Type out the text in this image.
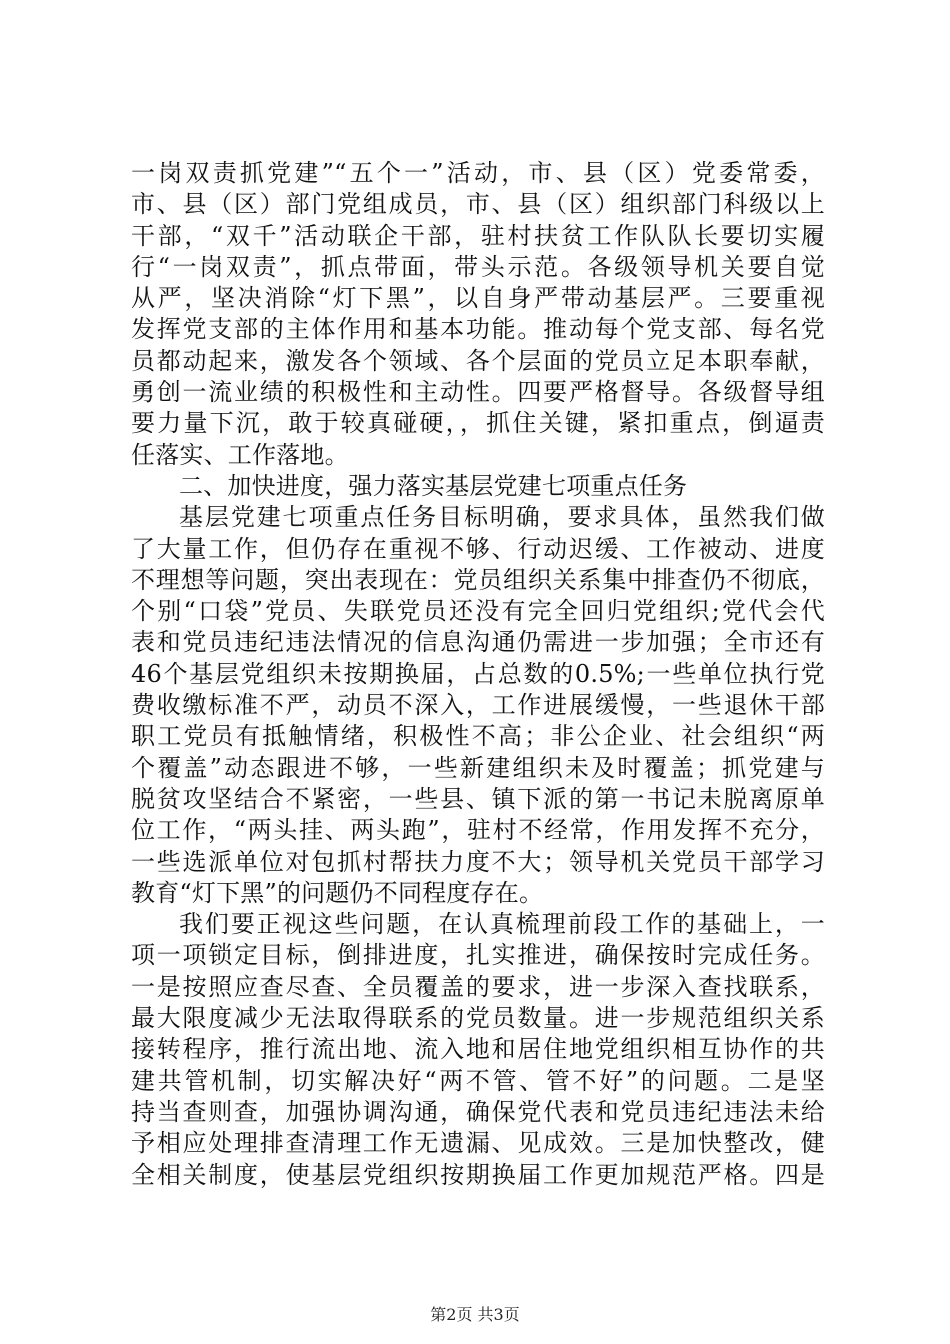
一岗双责抓党建”“五个一”活动，市、县（区）党委常委，
市、县（区）部门党组成员，市、县（区）组织部门科级以上
干部，“双千”活动联企干部，驻村扶贫工作队队长要切实履
行“一岗双责”，抓点带面，带头示范。各级领导机关要自觉
从严，坚决消除“灯下黑”，以自身严带动基层严。三要重视
发挥党支部的主体作用和基本功能。推动每个党支部、每名党
员都动起来，激发各个领域、各个层面的党员立足本职奉献，
勇创一流业绩的积极性和主动性。四要严格督导。各级督导组
要力量下沉，敢于较真碰硬，，抓住关键，紧扣重点，倒逼责
任落实、工作落地。
二、加快进度，强力落实基层党建七项重点任务
基层党建七项重点任务目标明确，要求具体，虽然我们做
了大量工作，但仍存在重视不够、行动迟缓、工作被动、进度
不理想等问题，突出表现在：党员组织关系集中排查仍不彻底，
个别“口袋”党员、失联党员还没有完全回归党组织;党代会代
表和党员违纪违法情况的信息沟通仍需进一步加强；全市还有
46个基层党组织未按期换届，占总数的0.5%;一些单位执行党
费收缴标准不严，动员不深入，工作进展缓慢，一些退休干部
职工党员有抵触情绪，积极性不高；非公企业、社会组织“两
个覆盖”动态跟进不够，一些新建组织未及时覆盖；抓党建与
脱贫攻坚结合不紧密，一些县、镇下派的第一书记未脱离原单
位工作，“两头挂、两头跑”，驻村不经常，作用发挥不充分，
一些选派单位对包抓村帮扶力度不大；领导机关党员干部学习
教育“灯下黑”的问题仍不同程度存在。
我们要正视这些问题，在认真梳理前段工作的基础上，一
项一项锁定目标，倒排进度，扎实推进，确保按时完成任务。
一是按照应查尽查、全员覆盖的要求，进一步深入查找联系，
最大限度减少无法取得联系的党员数量。进一步规范组织关系
接转程序，推行流出地、流入地和居住地党组织相互协作的共
建共管机制，切实解决好“两不管、管不好”的问题。二是坚
持当查则查，加强协调沟通，确保党代表和党员违纪违法未给
予相应处理排查清理工作无遗漏、见成效。三是加快整改，健
全相关制度，使基层党组织按期换届工作更加规范严格。四是
第2页 共3页
